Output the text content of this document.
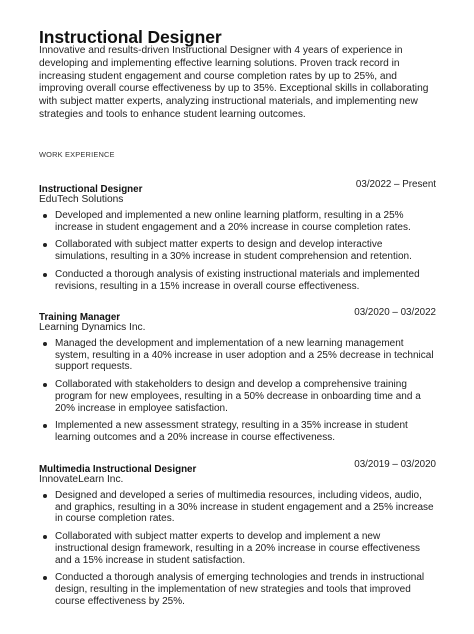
Instructional Designer
Innovative and results-driven Instructional Designer with 4 years of experience in developing and implementing effective learning solutions. Proven track record in increasing student engagement and course completion rates by up to 25%, and improving overall course effectiveness by up to 35%. Exceptional skills in collaborating with subject matter experts, analyzing instructional materials, and implementing new strategies and tools to enhance student learning outcomes.
WORK EXPERIENCE
Instructional Designer	03/2022 – Present
EduTech Solutions
Developed and implemented a new online learning platform, resulting in a 25% increase in student engagement and a 20% increase in course completion rates.
Collaborated with subject matter experts to design and develop interactive simulations, resulting in a 30% increase in student comprehension and retention.
Conducted a thorough analysis of existing instructional materials and implemented revisions, resulting in a 15% increase in overall course effectiveness.
Training Manager	03/2020 – 03/2022
Learning Dynamics Inc.
Managed the development and implementation of a new learning management system, resulting in a 40% increase in user adoption and a 25% decrease in technical support requests.
Collaborated with stakeholders to design and develop a comprehensive training program for new employees, resulting in a 50% decrease in onboarding time and a 20% increase in employee satisfaction.
Implemented a new assessment strategy, resulting in a 35% increase in student learning outcomes and a 20% increase in course effectiveness.
Multimedia Instructional Designer	03/2019 – 03/2020
InnovateLearn Inc.
Designed and developed a series of multimedia resources, including videos, audio, and graphics, resulting in a 30% increase in student engagement and a 25% increase in course completion rates.
Collaborated with subject matter experts to develop and implement a new instructional design framework, resulting in a 20% increase in course effectiveness and a 15% increase in student satisfaction.
Conducted a thorough analysis of emerging technologies and trends in instructional design, resulting in the implementation of new strategies and tools that improved course effectiveness by 25%.
